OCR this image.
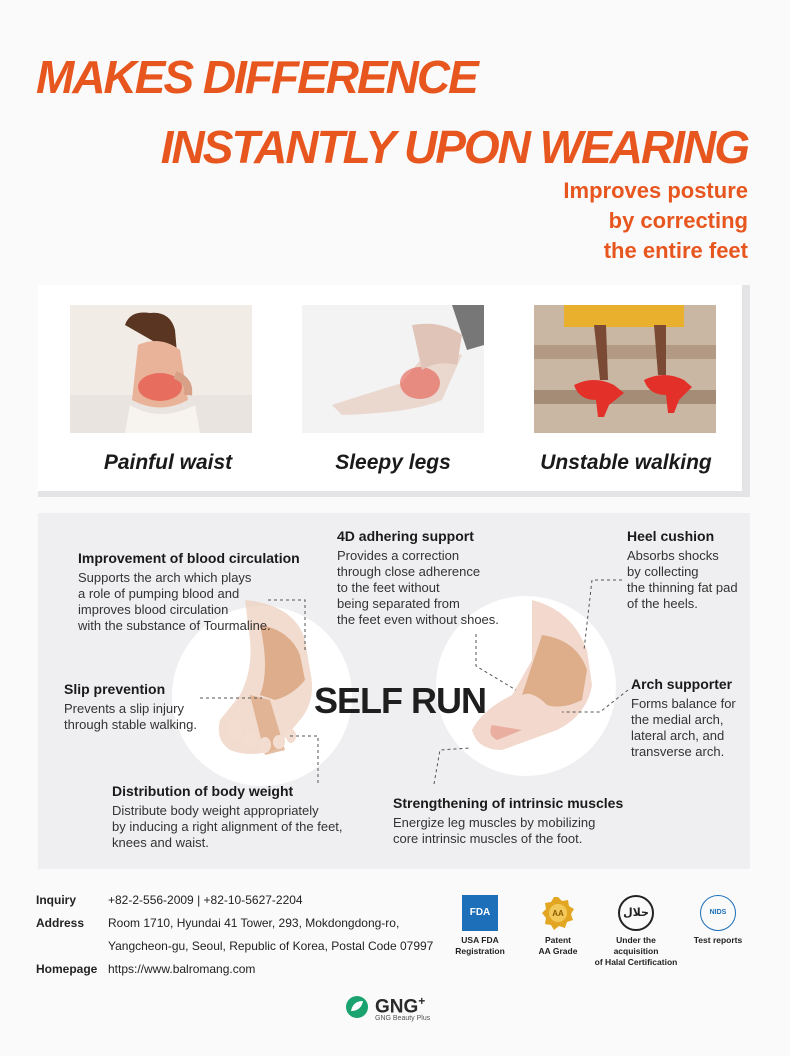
MAKES DIFFERENCE
INSTANTLY UPON WEARING
Improves posture
by correcting
the entire feet
Painful waist	Sleepy legs	Unstable walking
SELF RUN
Improvement of blood circulation
Supports the arch which plays
a role of pumping blood and
improves blood circulation
with the substance of Tourmaline.
Slip prevention
Prevents a slip injury
through stable walking.
Distribution of body weight
Distribute body weight appropriately
by inducing a right alignment of the feet,
knees and waist.
4D adhering support
Provides a correction
through close adherence
to the feet without
being separated from
the feet even without shoes.
Heel cushion
Absorbs shocks
by collecting
the thinning fat pad
of the heels.
Arch supporter
Forms balance for
the medial arch,
lateral arch, and
transverse arch.
Strengthening of intrinsic muscles
Energize leg muscles by mobilizing
core intrinsic muscles of the foot.
Inquiry	+82-2-556-2009 | +82-10-5627-2204
Address Room 1710, Hyundai 41 Tower, 293, Mokdongdong-ro,
Yangcheon-gu, Seoul, Republic of Korea, Postal Code 07997
Homepage https://www.balromang.com
FDA
USA FDA
Registration
AA
Patent
AA Grade
حلال
Under the acquisition
of Halal Certification
NIDS
Test reports
GNG+
GNG Beauty Plus
